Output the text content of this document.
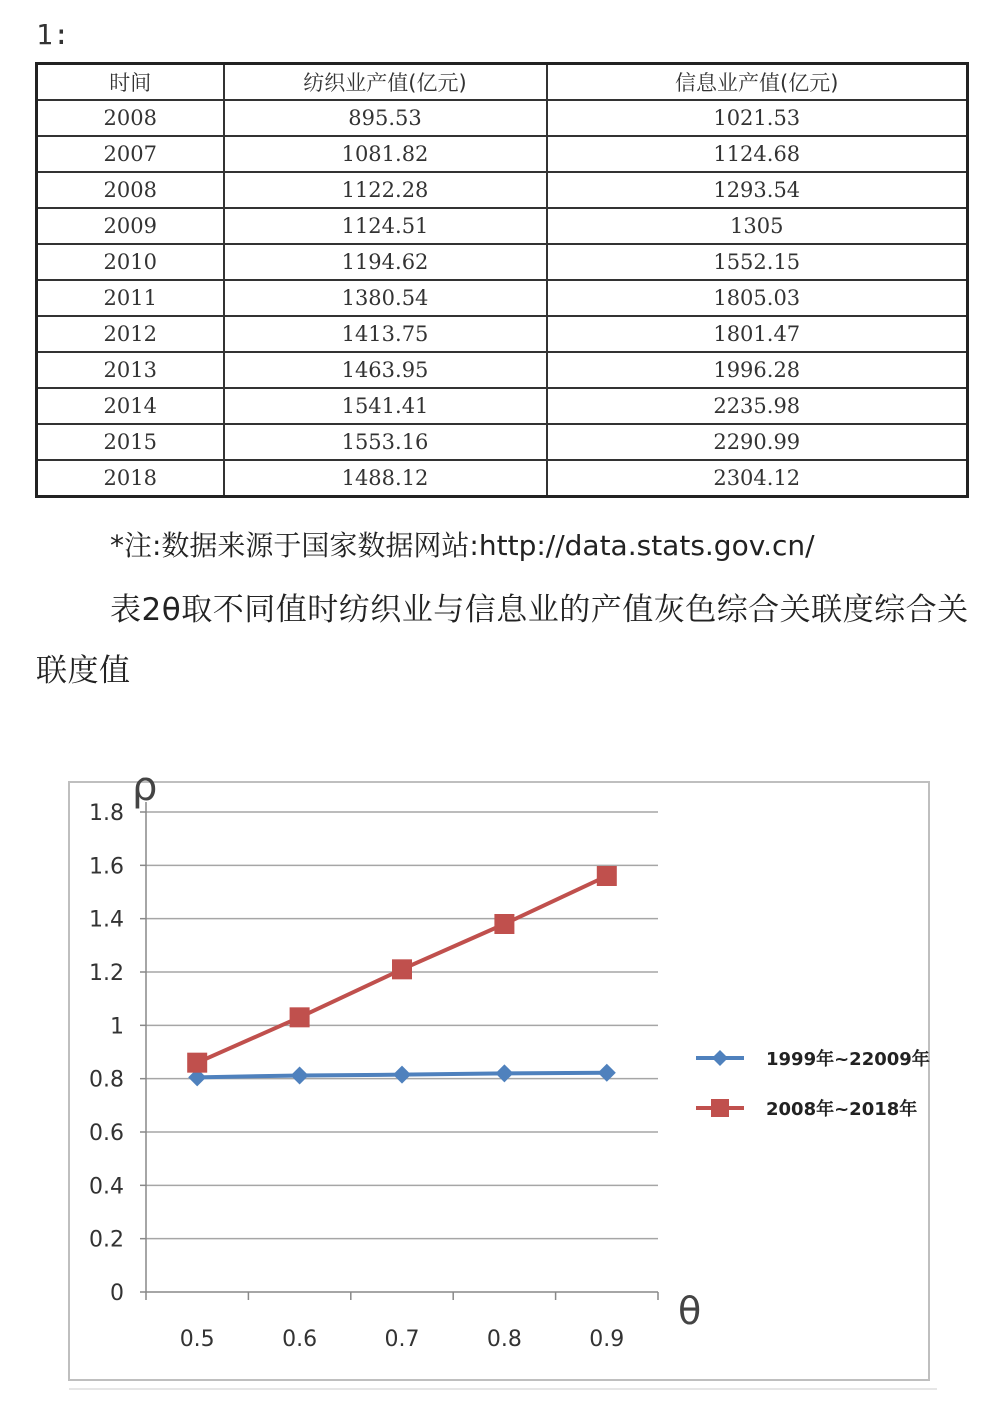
1:
时间	纺织业产值(亿元)	信息业产值(亿元)
2008	895.53	1021.53
2007	1081.82	1124.68
2008	1122.28	1293.54
2009	1124.51	1305
2010	1194.62	1552.15
2011	1380.54	1805.03
2012	1413.75	1801.47
2013	1463.95	1996.28
2014	1541.41	2235.98
2015	1553.16	2290.99
2018	1488.12	2304.12
*注:数据来源于国家数据网站:http://data.stats.gov.cn/
表2θ取不同值时纺织业与信息业的产值灰色综合关联度综合关联度值
0
0.2
0.4
0.6
0.8
1
1.2
1.4
1.6
1.8
0.5	0.6	0.7	0.8	0.9
1999年~22009年
2008年~2018年
ρ
θ
